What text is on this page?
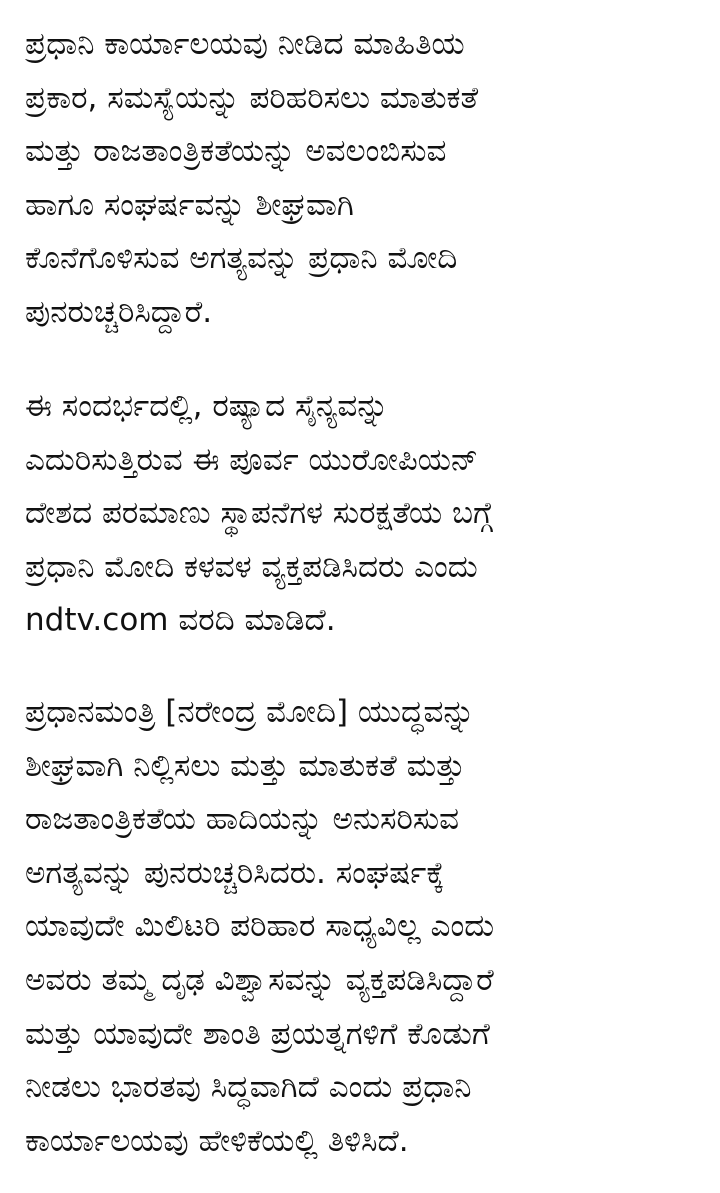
ಪ್ರಧಾನಿ ಕಾರ್ಯಾಲಯವು ನೀಡಿದ ಮಾಹಿತಿಯ
ಪ್ರಕಾರ, ಸಮಸ್ಯೆಯನ್ನು ಪರಿಹರಿಸಲು ಮಾತುಕತೆ
ಮತ್ತು ರಾಜತಾಂತ್ರಿಕತೆಯನ್ನು ಅವಲಂಬಿಸುವ
ಹಾಗೂ ಸಂಘರ್ಷವನ್ನು ಶೀಘ್ರವಾಗಿ
ಕೊನೆಗೊಳಿಸುವ ಅಗತ್ಯವನ್ನು ಪ್ರಧಾನಿ ಮೋದಿ
ಪುನರುಚ್ಚರಿಸಿದ್ದಾರೆ.

ಈ ಸಂದರ್ಭದಲ್ಲಿ, ರಷ್ಯಾದ ಸೈನ್ಯವನ್ನು
ಎದುರಿಸುತ್ತಿರುವ ಈ ಪೂರ್ವ ಯುರೋಪಿಯನ್
ದೇಶದ ಪರಮಾಣು ಸ್ಥಾಪನೆಗಳ ಸುರಕ್ಷತೆಯ ಬಗ್ಗೆ
ಪ್ರಧಾನಿ ಮೋದಿ ಕಳವಳ ವ್ಯಕ್ತಪಡಿಸಿದರು ಎಂದು
ndtv.com ವರದಿ ಮಾಡಿದೆ.

ಪ್ರಧಾನಮಂತ್ರಿ [ನರೇಂದ್ರ ಮೋದಿ] ಯುದ್ಧವನ್ನು
ಶೀಘ್ರವಾಗಿ ನಿಲ್ಲಿಸಲು ಮತ್ತು ಮಾತುಕತೆ ಮತ್ತು
ರಾಜತಾಂತ್ರಿಕತೆಯ ಹಾದಿಯನ್ನು ಅನುಸರಿಸುವ
ಅಗತ್ಯವನ್ನು ಪುನರುಚ್ಚರಿಸಿದರು. ಸಂಘರ್ಷಕ್ಕೆ
ಯಾವುದೇ ಮಿಲಿಟರಿ ಪರಿಹಾರ ಸಾಧ್ಯವಿಲ್ಲ ಎಂದು
ಅವರು ತಮ್ಮ ದೃಢ ವಿಶ್ವಾಸವನ್ನು ವ್ಯಕ್ತಪಡಿಸಿದ್ದಾರೆ
ಮತ್ತು ಯಾವುದೇ ಶಾಂತಿ ಪ್ರಯತ್ನಗಳಿಗೆ ಕೊಡುಗೆ
ನೀಡಲು ಭಾರತವು ಸಿದ್ಧವಾಗಿದೆ ಎಂದು ಪ್ರಧಾನಿ
ಕಾರ್ಯಾಲಯವು ಹೇಳಿಕೆಯಲ್ಲಿ ತಿಳಿಸಿದೆ.
